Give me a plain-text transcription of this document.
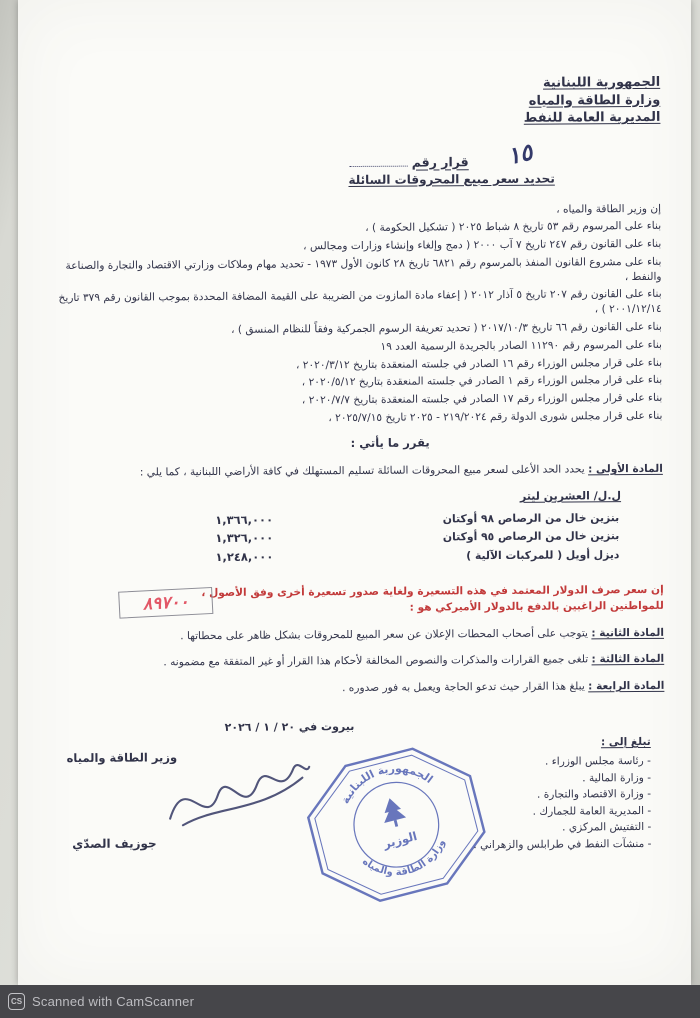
الجمهورية اللبنانية
وزارة الطاقة والمياه
المديرية العامة للنفط
قرار رقم	١٥
تحديد سعر مبيع المحروقات السائلة

إن وزير الطاقة والمياه ،

بناء على المرسوم رقم ٥٣ تاريخ ٨ شباط ٢٠٢٥ ( تشكيل الحكومة ) ،

بناء على القانون رقم ٢٤٧ تاريخ ٧ آب ٢٠٠٠ ( دمج وإلغاء وإنشاء وزارات ومجالس ،

بناء على مشروع القانون المنفذ بالمرسوم رقم ٦٨٢١ تاريخ ٢٨ كانون الأول ١٩٧٣ - تحديد مهام وملاكات وزارتي الاقتصاد والتجارة والصناعة والنفط ،

بناء على القانون رقم ٢٠٧ تاريخ ٥ آذار ٢٠١٢ ( إعفاء مادة المازوت من الضريبة على القيمة المضافة المحددة بموجب القانون رقم ٣٧٩ تاريخ ٢٠٠١/١٢/١٤ ) ،

بناء على القانون رقم ٦٦ تاريخ ٢٠١٧/١٠/٣ ( تحديد تعريفة الرسوم الجمركية وفقاً للنظام المنسق ) ،

بناء على المرسوم رقم ١١٢٩٠ الصادر بالجريدة الرسمية العدد ١٩

بناء على قرار مجلس الوزراء رقم ١٦ الصادر في جلسته المنعقدة بتاريخ ٢٠٢٠/٣/١٢ ،

بناء على قرار مجلس الوزراء رقم ١ الصادر في جلسته المنعقدة بتاريخ ٢٠٢٠/٥/١٢ ،

بناء على قرار مجلس الوزراء رقم ١٧ الصادر في جلسته المنعقدة بتاريخ ٢٠٢٠/٧/٧ ،

بناء على قرار مجلس شورى الدولة رقم ٢١٩/٢٠٢٤ - ٢٠٢٥ تاريخ ٢٠٢٥/٧/١٥ ،

يقرر ما يأتي :

المادة الأولى : يحدد الحد الأعلى لسعر مبيع المحروقات السائلة تسليم المستهلك في كافة الأراضي اللبنانية ، كما يلي :

ل.ل/ العشرين ليتر
بنزين خال من الرصاص ٩٨ أوكتان
١,٣٦٦,٠٠٠
بنزين خال من الرصاص ٩٥ أوكتان
١,٣٢٦,٠٠٠
ديزل أويل ( للمركبات الآلية )
١,٢٤٨,٠٠٠
إن سعر صرف الدولار المعتمد في هذه التسعيرة ولغاية صدور تسعيرة أخرى وفق الأصول ،
للمواطنين الراغبين بالدفع بالدولار الأميركي هو :
٨٩٧٠٠

المادة الثانية : يتوجب على أصحاب المحطات الإعلان عن سعر المبيع للمحروقات بشكل ظاهر على محطاتها .

المادة الثالثة : تلغى جميع القرارات والمذكرات والنصوص المخالفة لأحكام هذا القرار أو غير المتفقة مع مضمونه .

المادة الرابعة : يبلغ هذا القرار حيث تدعو الحاجة ويعمل به فور صدوره .

بيروت في ٢٠ / ١ / ٢٠٢٦
وزير الطاقة والمياه
جوزيف الصدّي
الجمهورية اللبنانية
وزارة الطاقة والمياه
الوزير
تبلغ إلى :
- رئاسة مجلس الوزراء .
- وزارة المالية .
- وزارة الاقتصاد والتجارة .
- المديرية العامة للجمارك .
- التفتيش المركزي .
- منشآت النفط في طرابلس والزهراني .
CS Scanned with CamScanner
